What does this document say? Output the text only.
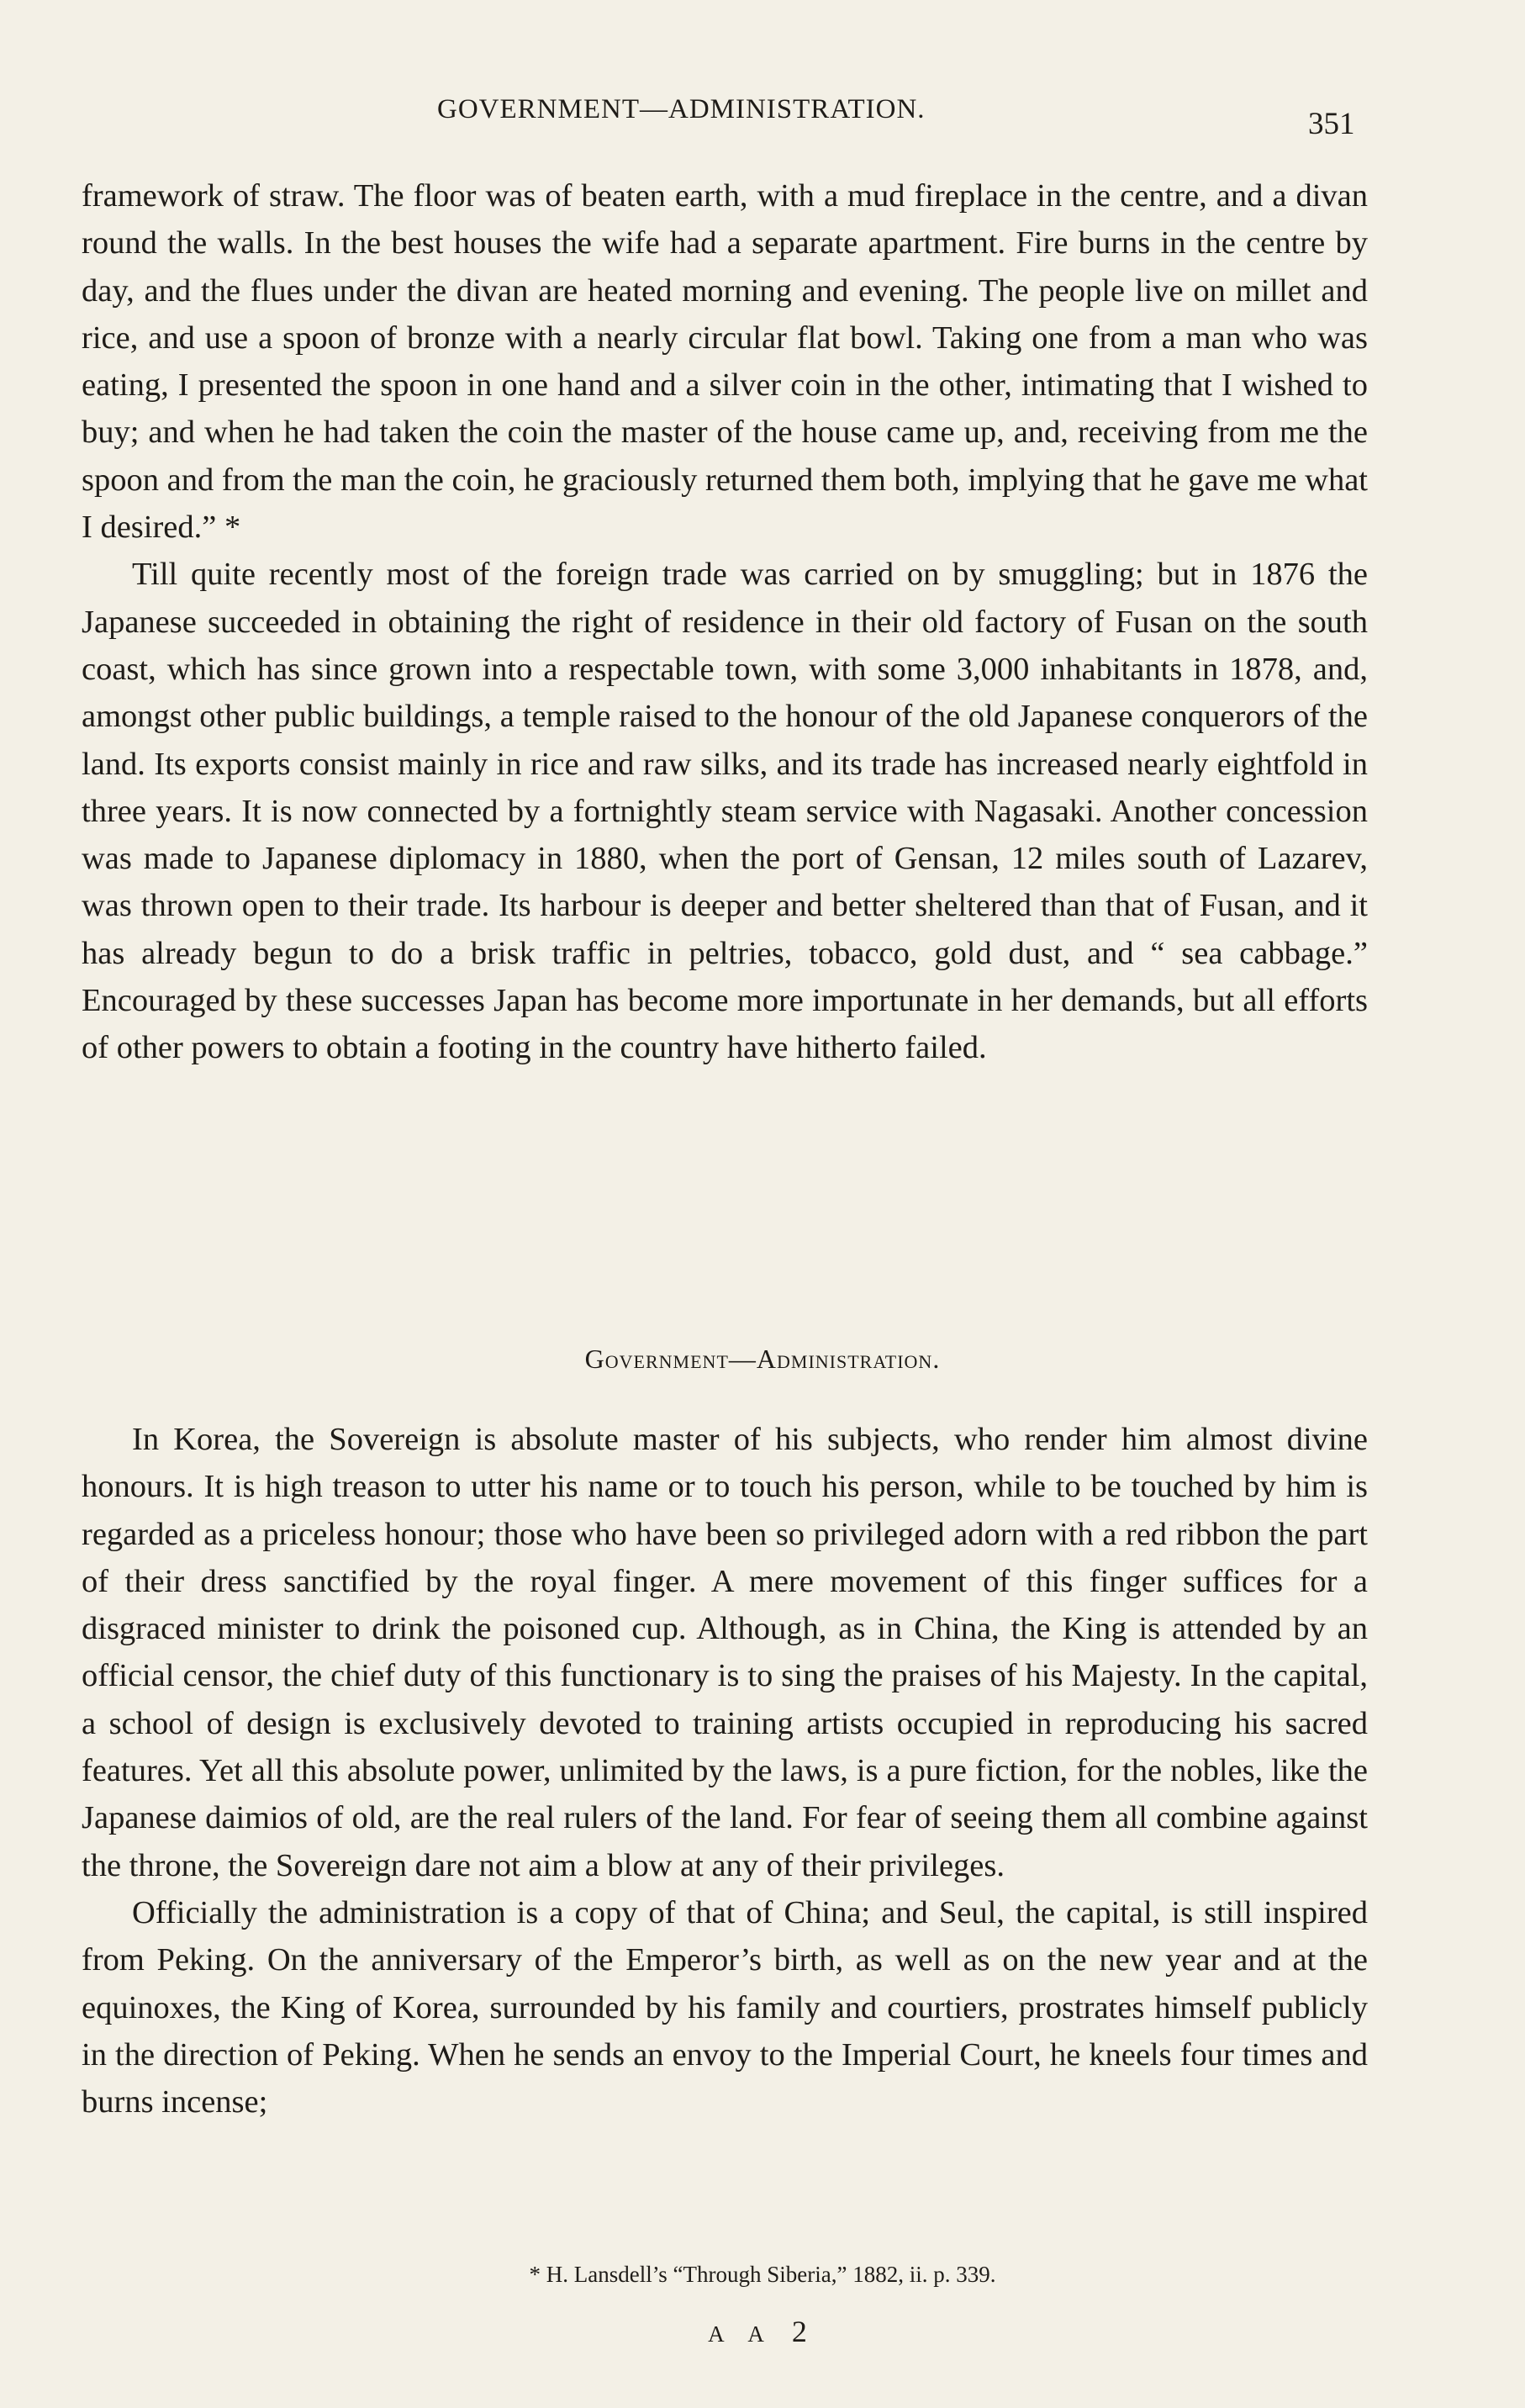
GOVERNMENT—ADMINISTRATION.	351

framework of straw. The floor was of beaten earth, with a mud fireplace in the centre, and a divan round the walls. In the best houses the wife had a separate apartment. Fire burns in the centre by day, and the flues under the divan are heated morning and evening. The people live on millet and rice, and use a spoon of bronze with a nearly circular flat bowl. Taking one from a man who was eating, I presented the spoon in one hand and a silver coin in the other, intimating that I wished to buy; and when he had taken the coin the master of the house came up, and, receiving from me the spoon and from the man the coin, he graciously returned them both, implying that he gave me what I desired.” *

Till quite recently most of the foreign trade was carried on by smuggling; but in 1876 the Japanese succeeded in obtaining the right of residence in their old factory of Fusan on the south coast, which has since grown into a respectable town, with some 3,000 inhabitants in 1878, and, amongst other public buildings, a temple raised to the honour of the old Japanese conquerors of the land. Its exports consist mainly in rice and raw silks, and its trade has increased nearly eightfold in three years. It is now connected by a fortnightly steam service with Nagasaki. Another concession was made to Japanese diplomacy in 1880, when the port of Gensan, 12 miles south of Lazarev, was thrown open to their trade. Its harbour is deeper and better sheltered than that of Fusan, and it has already begun to do a brisk traffic in peltries, tobacco, gold dust, and “ sea cabbage.” Encouraged by these successes Japan has become more importunate in her demands, but all efforts of other powers to obtain a footing in the country have hitherto failed.

Government—Administration.

In Korea, the Sovereign is absolute master of his subjects, who render him almost divine honours. It is high treason to utter his name or to touch his person, while to be touched by him is regarded as a priceless honour; those who have been so privileged adorn with a red ribbon the part of their dress sanctified by the royal finger. A mere movement of this finger suffices for a disgraced minister to drink the poisoned cup. Although, as in China, the King is attended by an official censor, the chief duty of this functionary is to sing the praises of his Majesty. In the capital, a school of design is exclusively devoted to training artists occupied in reproducing his sacred features. Yet all this absolute power, unlimited by the laws, is a pure fiction, for the nobles, like the Japanese daimios of old, are the real rulers of the land. For fear of seeing them all combine against the throne, the Sovereign dare not aim a blow at any of their privileges.

Officially the administration is a copy of that of China; and Seul, the capital, is still inspired from Peking. On the anniversary of the Emperor’s birth, as well as on the new year and at the equinoxes, the King of Korea, surrounded by his family and courtiers, prostrates himself publicly in the direction of Peking. When he sends an envoy to the Imperial Court, he kneels four times and burns incense;

* H. Lansdell’s “Through Siberia,” 1882, ii. p. 339.
A A 2
